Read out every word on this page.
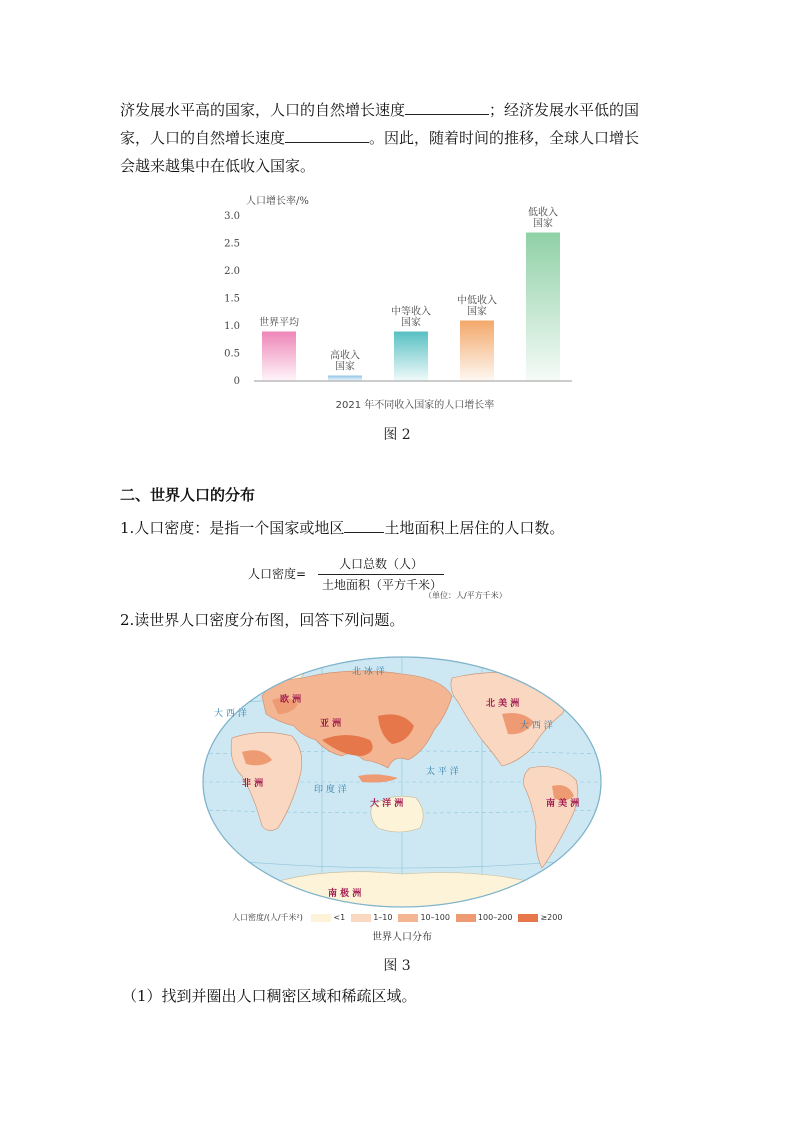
济发展水平高的国家，人口的自然增长速度	；经济发展水平低的国
家，人口的自然增长速度	。因此，随着时间的推移，全球人口增长
会越来越集中在低收入国家。
人口增长率/%
0
0.5
1.0
1.5
2.0
2.5
3.0
世界平均
高收入
国家
中等收入
国家
中低收入
国家
低收入
国家
2021 年不同收入国家的人口增长率
图 2
二、世界人口的分布
1.人口密度：是指一个国家或地区	土地面积上居住的人口数。
人口密度=
人口总数（人）
土地面积（平方千米）
（单位：人/平方千米）
2.读世界人口密度分布图，回答下列问题。
欧 洲
亚 洲
非 洲
北 美 洲
南 美 洲
大 洋 洲
南 极 洲
北 冰 洋
太 平 洋
印 度 洋
大 西 洋
大 西 洋
人口密度/(人/千米²)	<1	1–10	10–100	100–200	≥200
世界人口分布
图 3
（1）找到并圈出人口稠密区域和稀疏区域。
